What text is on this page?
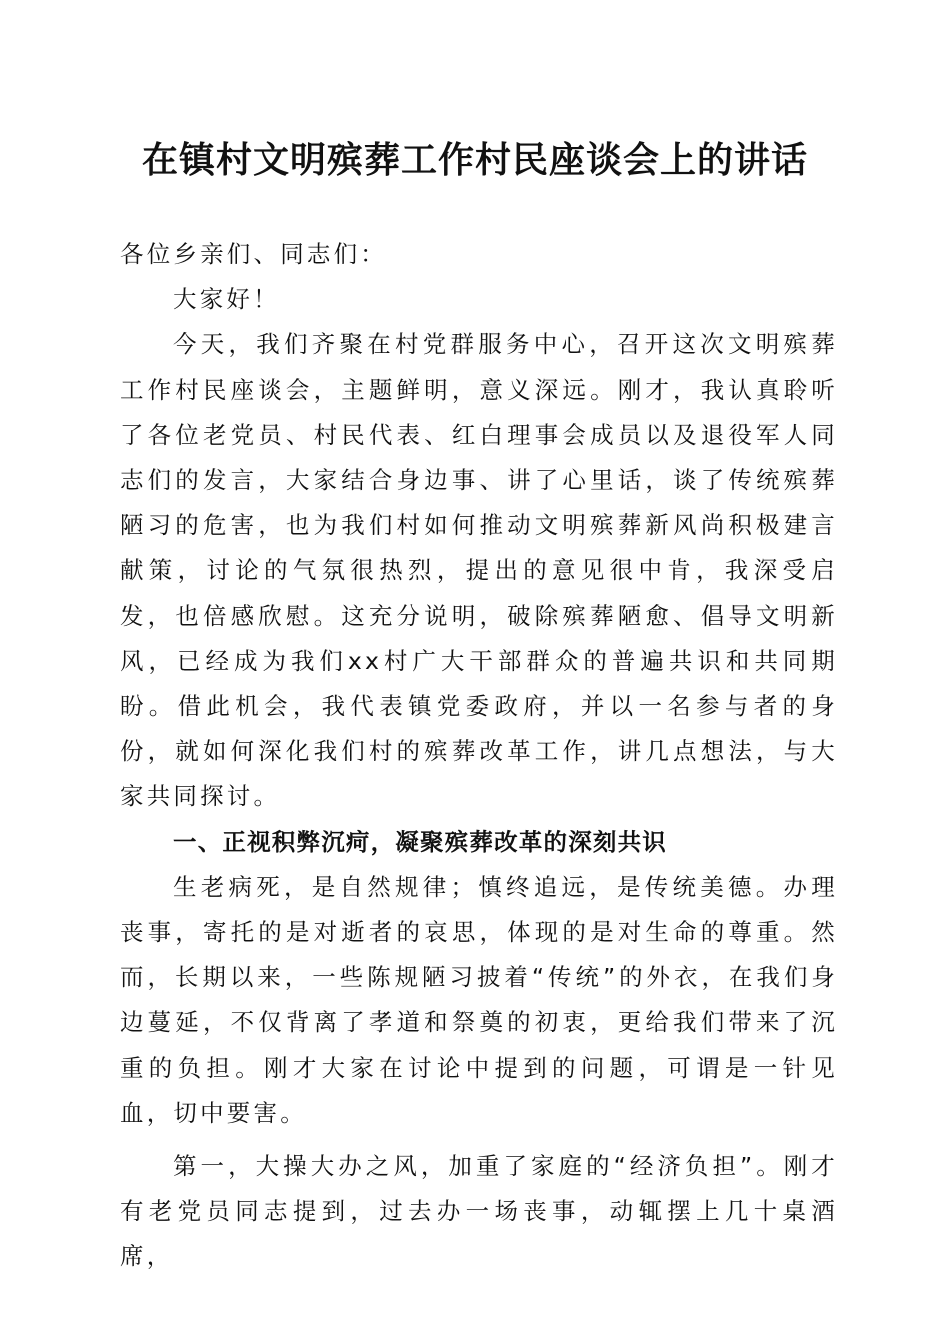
在镇村文明殡葬工作村民座谈会上的讲话

各位乡亲们、同志们：

大家好！

今天，我们齐聚在村党群服务中心，召开这次文明殡葬工作村民座谈会，主题鲜明，意义深远。刚才，我认真聆听了各位老党员、村民代表、红白理事会成员以及退役军人同志们的发言，大家结合身边事、讲了心里话，谈了传统殡葬陋习的危害，也为我们村如何推动文明殡葬新风尚积极建言献策，讨论的气氛很热烈，提出的意见很中肯，我深受启发，也倍感欣慰。这充分说明，破除殡葬陋愈、倡导文明新风，已经成为我们xx村广大干部群众的普遍共识和共同期盼。借此机会，我代表镇党委政府，并以一名参与者的身份，就如何深化我们村的殡葬改革工作，讲几点想法，与大家共同探讨。

一、正视积弊沉疴，凝聚殡葬改革的深刻共识

生老病死，是自然规律；慎终追远，是传统美德。办理丧事，寄托的是对逝者的哀思，体现的是对生命的尊重。然而，长期以来，一些陈规陋习披着“传统”的外衣，在我们身边蔓延，不仅背离了孝道和祭奠的初衷，更给我们带来了沉重的负担。刚才大家在讨论中提到的问题，可谓是一针见血，切中要害。

第一，大操大办之风，加重了家庭的“经济负担”。刚才有老党员同志提到，过去办一场丧事，动辄摆上几十桌酒席，
